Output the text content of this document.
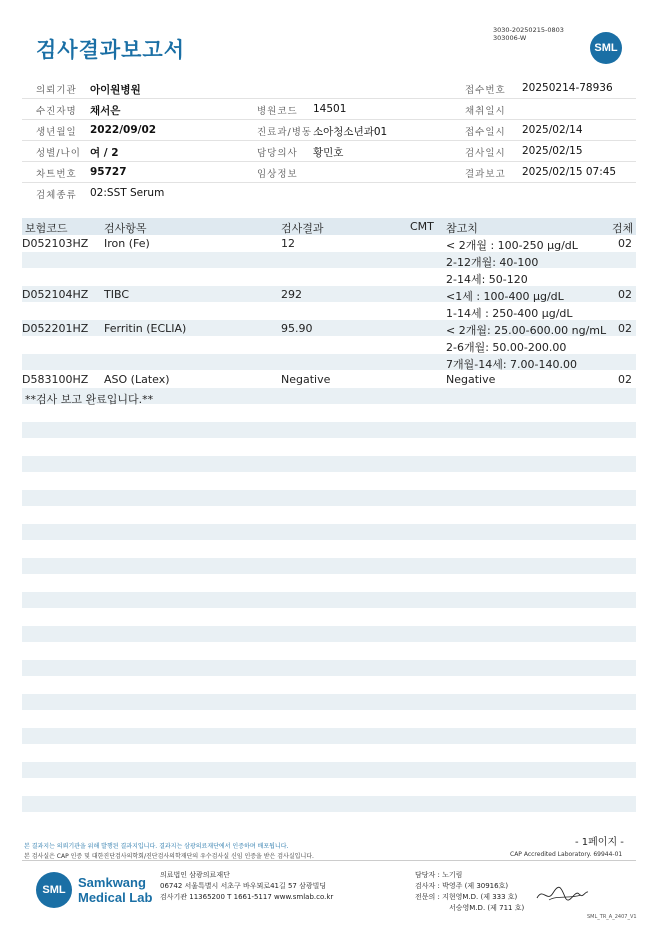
검사결과보고서
3030-20250215-0803
303006-W
SML
의뢰기관 아이원병원	접수번호 20250214-78936
수진자명 채서은	병원코드 14501	채취일시
생년월일 2022/09/02	진료과/병동 소아청소년과01	접수일시 2025/02/14
성별/나이 여 / 2	담당의사 황민호	검사일시 2025/02/15
차트번호 95727	임상정보	결과보고 2025/02/15 07:45
검체종류 02:SST Serum
보험코드	검사항목	검사결과	CMT 참고치	검체
D052103HZ Iron (Fe)	12	< 2개월 : 100-250 μg/dL	02
2-12개월: 40-100
2-14세: 50-120
D052104HZ TIBC	292	<1세 : 100-400 μg/dL	02
1-14세 : 250-400 μg/dL
D052201HZ Ferritin (ECLIA)	95.90	< 2개월: 25.00-600.00 ng/mL 02
2-6개월: 50.00-200.00
7개월-14세: 7.00-140.00
D583100HZ ASO (Latex)	Negative	Negative	02
**검사 보고 완료입니다.**
- 1페이지 -
본 결과지는 의뢰기관을 위해 발행된 결과지입니다. 결과지는 삼광의료재단에서 인증하며 배포됩니다.
본 검사실은 CAP 인증 및 대한진단검사의학회/진단검사의학재단의 우수검사실 신임 인증을 받은 검사실입니다.	CAP Accredited Laboratory. 69944-01
SML Samkwang
Medical Lab
의료법인 삼광의료재단
06742 서울특별시 서초구 바우뫼로41길 57 삼광빌딩
검사기관 11365200 T 1661-5117 www.smlab.co.kr
담당자 : 노기림
검사자 : 박영주 (제 30916호)
전문의 : 지현영M.D. (제 333 호)
서승영M.D. (제 711 호)
SML_TR_A_2407_V1
